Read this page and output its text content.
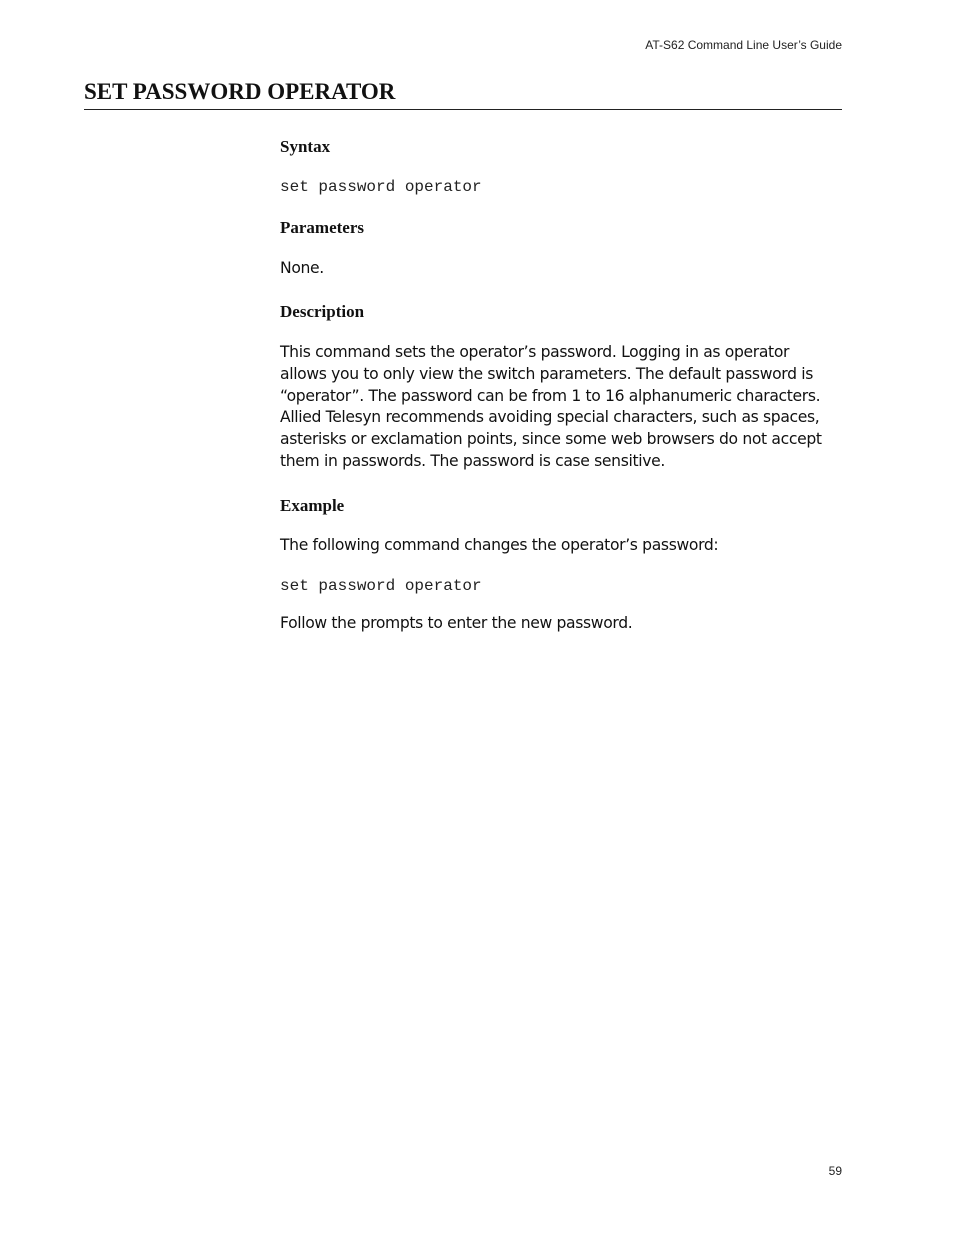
AT-S62 Command Line User’s Guide
SET PASSWORD OPERATOR
Syntax
set password operator
Parameters

None.

Description
This command sets the operator’s password. Logging in as operator
allows you to only view the switch parameters. The default password is
“operator”. The password can be from 1 to 16 alphanumeric characters.
Allied Telesyn recommends avoiding special characters, such as spaces,
asterisks or exclamation points, since some web browsers do not accept
them in passwords. The password is case sensitive.
Example

The following command changes the operator’s password:

set password operator

Follow the prompts to enter the new password.

59
